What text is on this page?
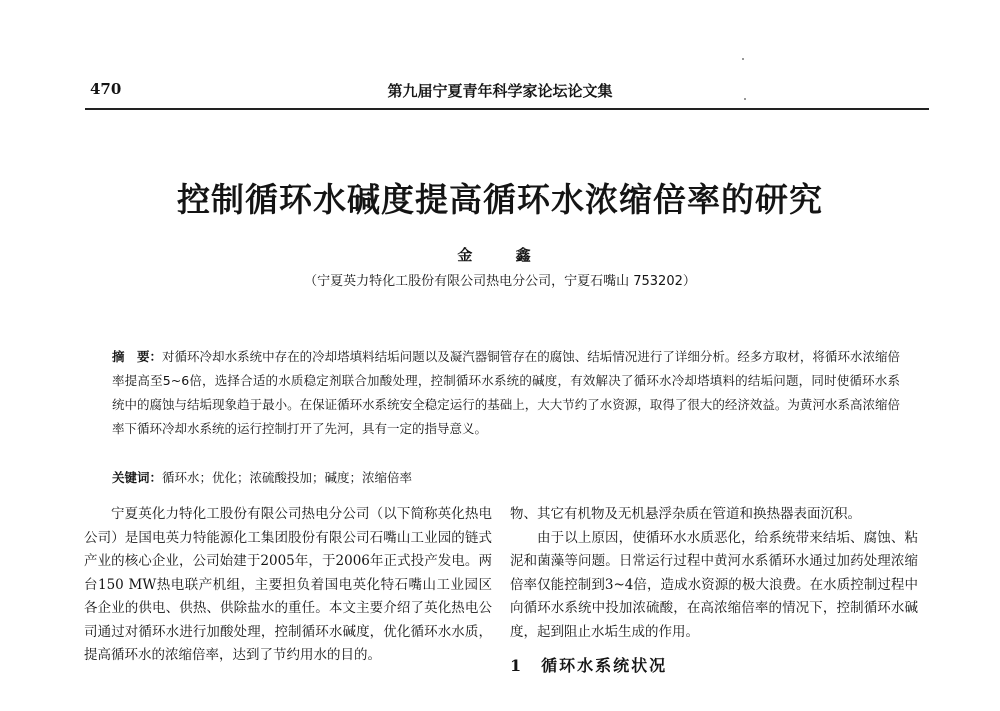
470	第九届宁夏青年科学家论坛论文集
控制循环水碱度提高循环水浓缩倍率的研究
金 鑫
（宁夏英力特化工股份有限公司热电分公司，宁夏石嘴山 753202）
摘　要：对循环冷却水系统中存在的冷却塔填料结垢问题以及凝汽器铜管存在的腐蚀、结垢情况进行了详细分析。经多方取材，将循环水浓缩倍率提高至5~6倍，选择合适的水质稳定剂联合加酸处理，控制循环水系统的碱度，有效解决了循环水冷却塔填料的结垢问题，同时使循环水系统中的腐蚀与结垢现象趋于最小。在保证循环水系统安全稳定运行的基础上，大大节约了水资源，取得了很大的经济效益。为黄河水系高浓缩倍率下循环冷却水系统的运行控制打开了先河，具有一定的指导意义。
关键词：循环水；优化；浓硫酸投加；碱度；浓缩倍率

宁夏英化力特化工股份有限公司热电分公司（以下简称英化热电公司）是国电英力特能源化工集团股份有限公司石嘴山工业园的链式产业的核心企业，公司始建于2005年，于2006年正式投产发电。两台150 MW热电联产机组，主要担负着国电英化特石嘴山工业园区各企业的供电、供热、供除盐水的重任。本文主要介绍了英化热电公司通过对循环水进行加酸处理，控制循环水碱度，优化循环水水质，提高循环水的浓缩倍率，达到了节约用水的目的。

物、其它有机物及无机悬浮杂质在管道和换热器表面沉积。

由于以上原因，使循环水水质恶化，给系统带来结垢、腐蚀、粘泥和菌藻等问题。日常运行过程中黄河水系循环水通过加药处理浓缩倍率仅能控制到3~4倍，造成水资源的极大浪费。在水质控制过程中向循环水系统中投加浓硫酸，在高浓缩倍率的情况下，控制循环水碱度，起到阻止水垢生成的作用。

1 循环水系统状况
